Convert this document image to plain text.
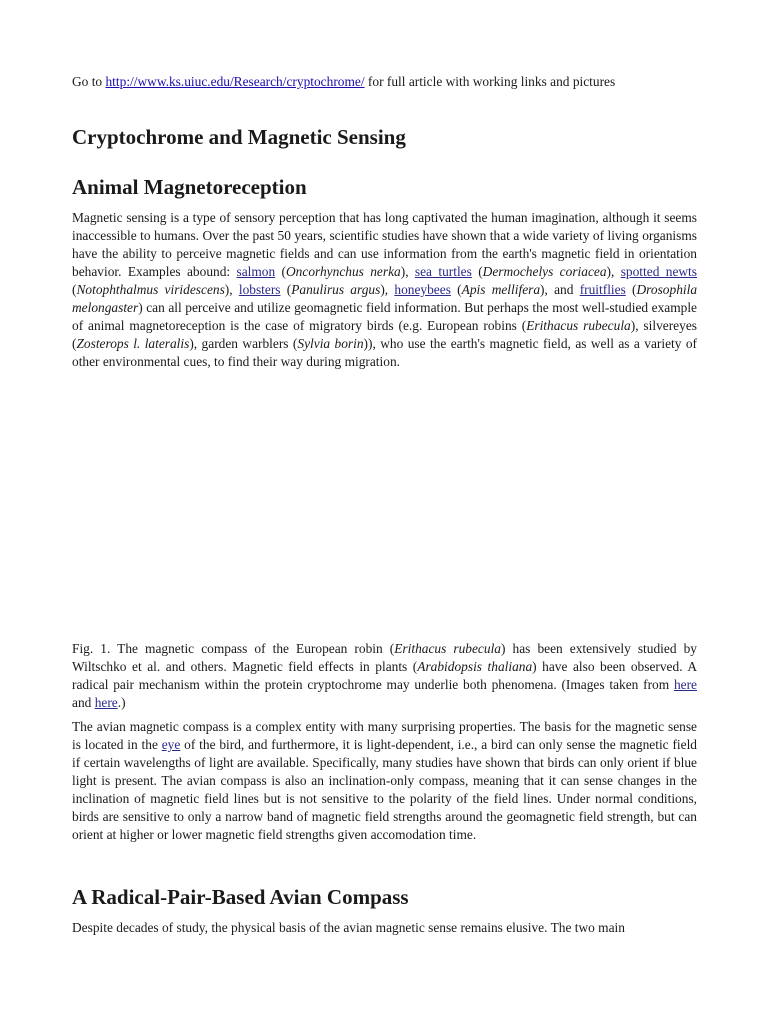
Go to http://www.ks.uiuc.edu/Research/cryptochrome/ for full article with working links and pictures
Cryptochrome and Magnetic Sensing
Animal Magnetoreception

Magnetic sensing is a type of sensory perception that has long captivated the human imagination, although it seems inaccessible to humans. Over the past 50 years, scientific studies have shown that a wide variety of living organisms have the ability to perceive magnetic fields and can use information from the earth's magnetic field in orientation behavior. Examples abound: salmon (Oncorhynchus nerka), sea turtles (Dermochelys coriacea), spotted newts (Notophthalmus viridescens), lobsters (Panulirus argus), honeybees (Apis mellifera), and fruitflies (Drosophila melongaster) can all perceive and utilize geomagnetic field information. But perhaps the most well-studied example of animal magnetoreception is the case of migratory birds (e.g. European robins (Erithacus rubecula), silvereyes (Zosterops l. lateralis), garden warblers (Sylvia borin)), who use the earth's magnetic field, as well as a variety of other environmental cues, to find their way during migration.

Fig. 1. The magnetic compass of the European robin (Erithacus rubecula) has been extensively studied by Wiltschko et al. and others. Magnetic field effects in plants (Arabidopsis thaliana) have also been observed. A radical pair mechanism within the protein cryptochrome may underlie both phenomena. (Images taken from here and here.)

The avian magnetic compass is a complex entity with many surprising properties. The basis for the magnetic sense is located in the eye of the bird, and furthermore, it is light-dependent, i.e., a bird can only sense the magnetic field if certain wavelengths of light are available. Specifically, many studies have shown that birds can only orient if blue light is present. The avian compass is also an inclination-only compass, meaning that it can sense changes in the inclination of magnetic field lines but is not sensitive to the polarity of the field lines. Under normal conditions, birds are sensitive to only a narrow band of magnetic field strengths around the geomagnetic field strength, but can orient at higher or lower magnetic field strengths given accomodation time.

A Radical-Pair-Based Avian Compass

Despite decades of study, the physical basis of the avian magnetic sense remains elusive. The two main
